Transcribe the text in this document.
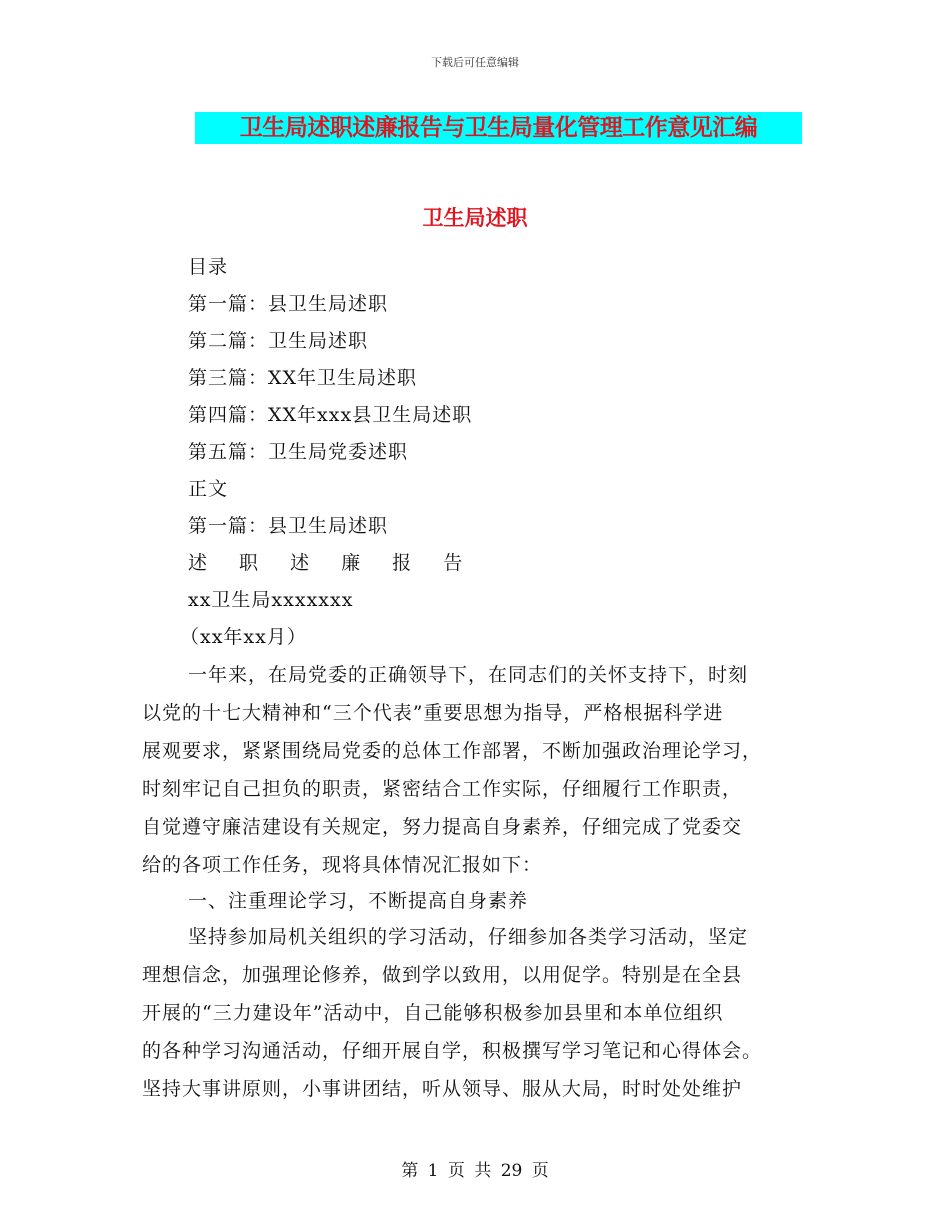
下载后可任意编辑
卫生局述职述廉报告与卫生局量化管理工作意见汇编
卫生局述职
目录
第一篇：县卫生局述职
第二篇：卫生局述职
第三篇：XX年卫生局述职
第四篇：XX年xxx县卫生局述职
第五篇：卫生局党委述职
正文
第一篇：县卫生局述职
述 职 述 廉 报 告
xx卫生局xxxxxxx
（xx年xx月）
一年来，在局党委的正确领导下，在同志们的关怀支持下，时刻
以党的十七大精神和“三个代表”重要思想为指导，严格根据科学进
展观要求，紧紧围绕局党委的总体工作部署，不断加强政治理论学习，
时刻牢记自己担负的职责，紧密结合工作实际，仔细履行工作职责，
自觉遵守廉洁建设有关规定，努力提高自身素养，仔细完成了党委交
给的各项工作任务，现将具体情况汇报如下：
一、注重理论学习，不断提高自身素养
坚持参加局机关组织的学习活动，仔细参加各类学习活动，坚定
理想信念，加强理论修养，做到学以致用，以用促学。特别是在全县
开展的“三力建设年”活动中，自己能够积极参加县里和本单位组织
的各种学习沟通活动，仔细开展自学，积极撰写学习笔记和心得体会。
坚持大事讲原则，小事讲团结，听从领导、服从大局，时时处处维护
第 1 页 共 29 页
